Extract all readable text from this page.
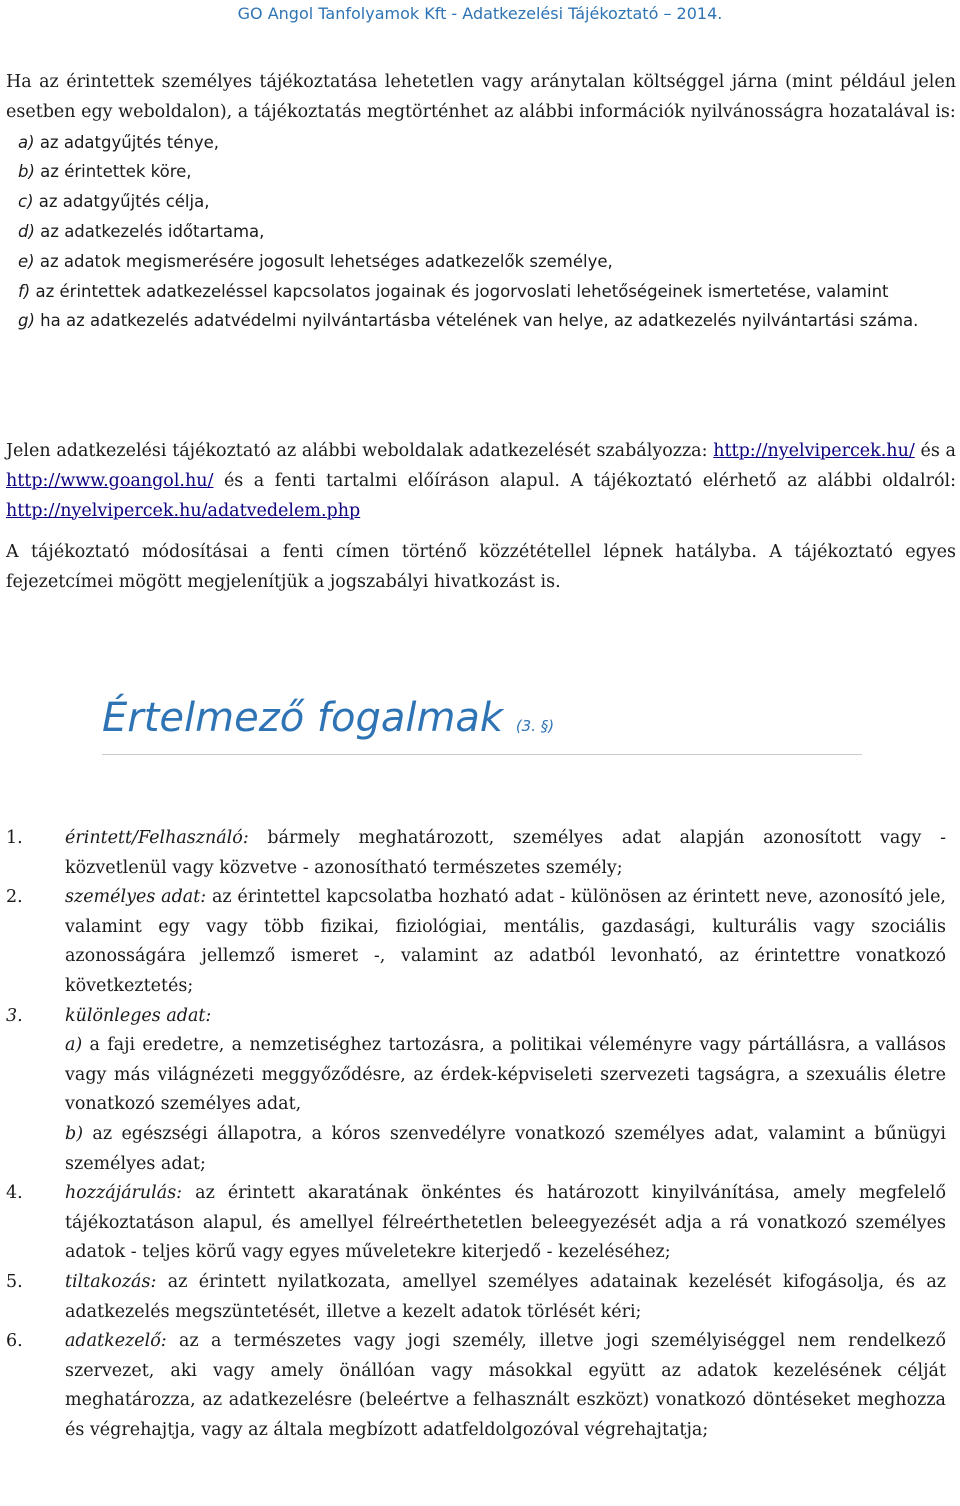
GO Angol Tanfolyamok Kft - Adatkezelési Tájékoztató – 2014.

Ha az érintettek személyes tájékoztatása lehetetlen vagy aránytalan költséggel járna (mint például jelen esetben egy weboldalon), a tájékoztatás megtörténhet az alábbi információk nyilvánosságra hozatalával is:

a) az adatgyűjtés ténye,
b) az érintettek köre,
c) az adatgyűjtés célja,
d) az adatkezelés időtartama,
e) az adatok megismerésére jogosult lehetséges adatkezelők személye,
f) az érintettek adatkezeléssel kapcsolatos jogainak és jogorvoslati lehetőségeinek ismertetése, valamint
g) ha az adatkezelés adatvédelmi nyilvántartásba vételének van helye, az adatkezelés nyilvántartási száma.

Jelen adatkezelési tájékoztató az alábbi weboldalak adatkezelését szabályozza: http://nyelvipercek.hu/ és a http://www.goangol.hu/ és a fenti tartalmi előíráson alapul. A tájékoztató elérhető az alábbi oldalról: http://nyelvipercek.hu/adatvedelem.php

A tájékoztató módosításai a fenti címen történő közzététellel lépnek hatályba. A tájékoztató egyes fejezetcímei mögött megjelenítjük a jogszabályi hivatkozást is.

Értelmező fogalmak (3. §)
1.	érintett/Felhasználó: bármely meghatározott, személyes adat alapján azonosított vagy - közvetlenül vagy közvetve - azonosítható természetes személy;
2.	személyes adat: az érintettel kapcsolatba hozható adat - különösen az érintett neve, azonosító jele, valamint egy vagy több fizikai, fiziológiai, mentális, gazdasági, kulturális vagy szociális azonosságára jellemző ismeret -, valamint az adatból levonható, az érintettre vonatkozó következtetés;
3.	különleges adat:
a) a faji eredetre, a nemzetiséghez tartozásra, a politikai véleményre vagy pártállásra, a vallásos vagy más világnézeti meggyőződésre, az érdek-képviseleti szervezeti tagságra, a szexuális életre vonatkozó személyes adat,
b) az egészségi állapotra, a kóros szenvedélyre vonatkozó személyes adat, valamint a bűnügyi személyes adat;
4.	hozzájárulás: az érintett akaratának önkéntes és határozott kinyilvánítása, amely megfelelő tájékoztatáson alapul, és amellyel félreérthetetlen beleegyezését adja a rá vonatkozó személyes adatok - teljes körű vagy egyes műveletekre kiterjedő - kezeléséhez;
5.	tiltakozás: az érintett nyilatkozata, amellyel személyes adatainak kezelését kifogásolja, és az adatkezelés megszüntetését, illetve a kezelt adatok törlését kéri;
6.	adatkezelő: az a természetes vagy jogi személy, illetve jogi személyiséggel nem rendelkező szervezet, aki vagy amely önállóan vagy másokkal együtt az adatok kezelésének célját meghatározza, az adatkezelésre (beleértve a felhasznált eszközt) vonatkozó döntéseket meghozza és végrehajtja, vagy az általa megbízott adatfeldolgozóval végrehajtatja;
